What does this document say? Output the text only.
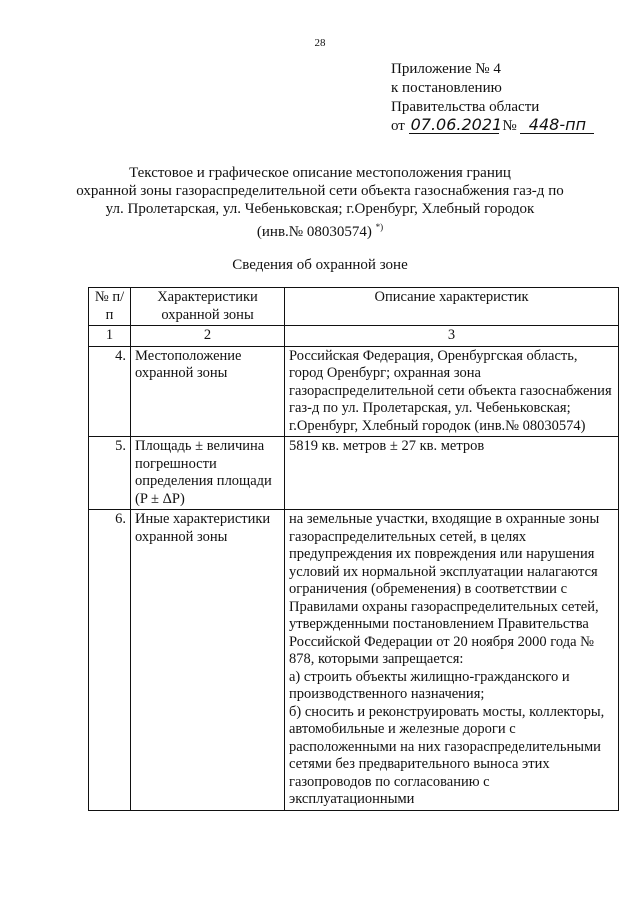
28
Приложение № 4
к постановлению
Правительства области
от 07.06.2021 № 448-пп
Текстовое и графическое описание местоположения границ
охранной зоны газораспределительной сети объекта газоснабжения газ-д по
ул. Пролетарская, ул. Чебеньковская; г.Оренбург, Хлебный городок
(инв.№ 08030574) *)
Сведения об охранной зоне
№ п/п	Характеристики охранной зоны	Описание характеристик
1	2	3
4.	Местоположение охранной зоны	Российская Федерация, Оренбургская область, город Оренбург; охранная зона газораспределительной сети объекта газоснабжения газ-д по ул. Пролетарская, ул. Чебеньковская; г.Оренбург, Хлебный городок (инв.№ 08030574)
5.	Площадь ± величина погрешности определения площади (P ± ΔP)	5819 кв. метров ± 27 кв. метров
6.	Иные характеристики охранной зоны	на земельные участки, входящие в охранные зоны газораспределительных сетей, в целях предупреждения их повреждения или нарушения условий их нормальной эксплуатации налагаются ограничения (обременения) в соответствии с Правилами охраны газораспределительных сетей, утвержденными постановлением Правительства Российской Федерации от 20 ноября 2000 года № 878, которыми запрещается:
а) строить объекты жилищно-гражданского и производственного назначения;
б) сносить и реконструировать мосты, коллекторы, автомобильные и железные дороги с расположенными на них газораспределительными сетями без предварительного выноса этих газопроводов по согласованию с эксплуатационными
